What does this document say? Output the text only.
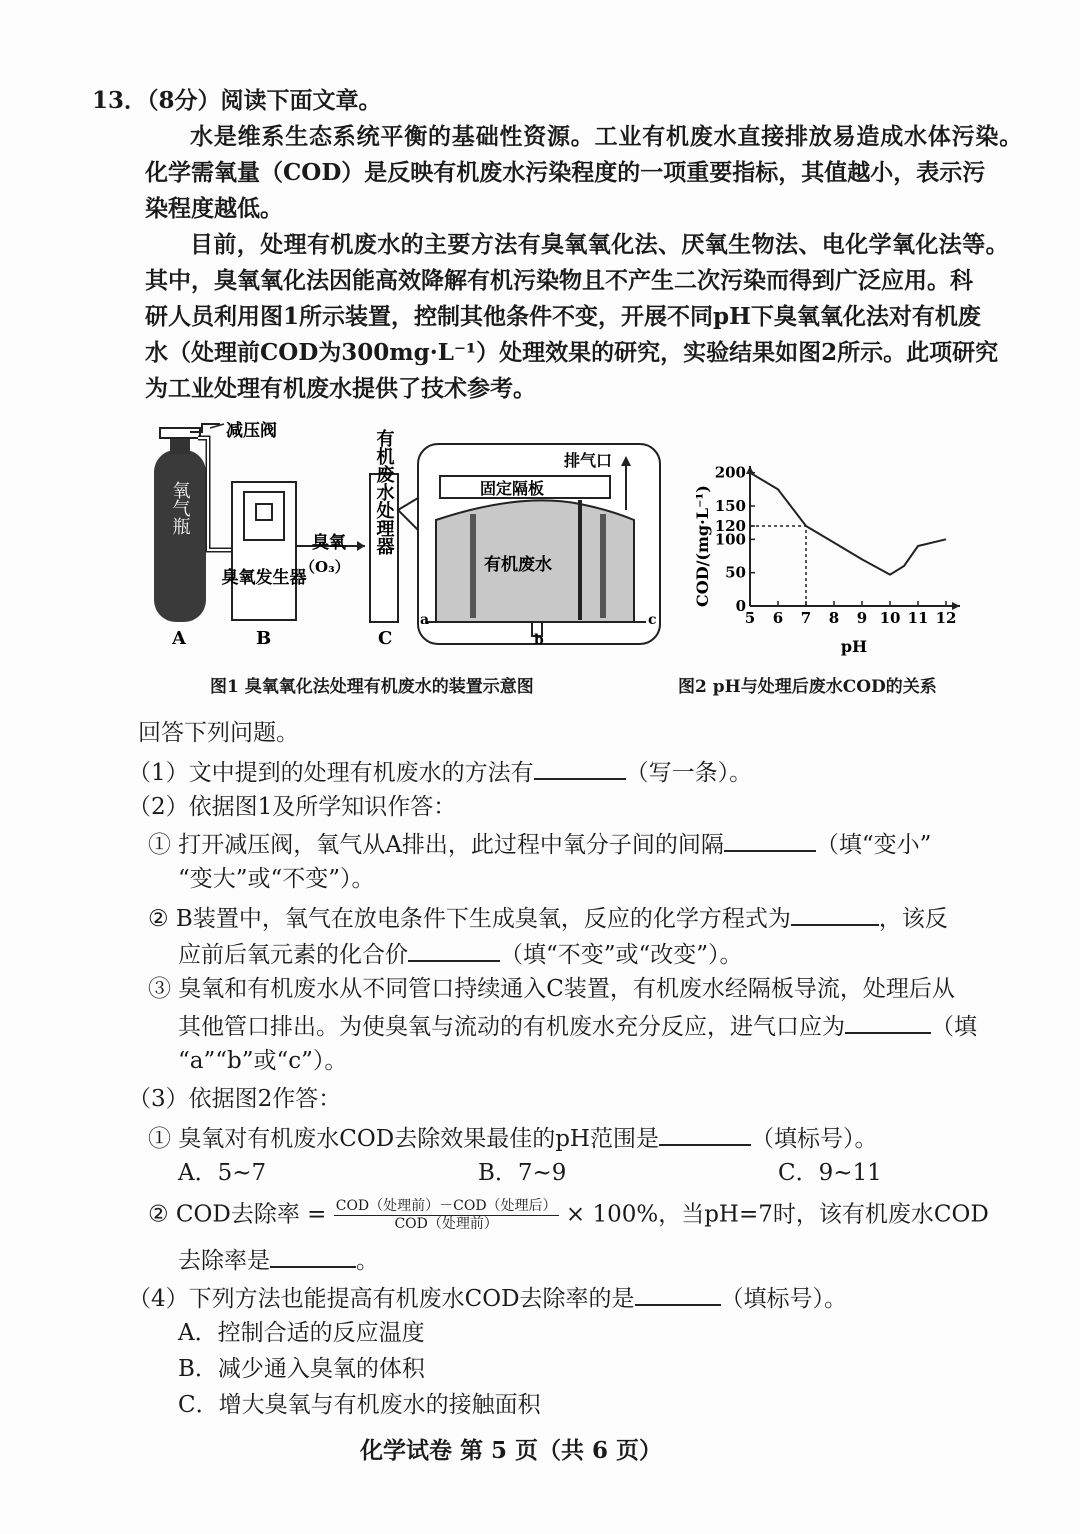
13．（8分）阅读下面文章。
水是维系生态系统平衡的基础性资源。工业有机废水直接排放易造成水体污染。
化学需氧量（COD）是反映有机废水污染程度的一项重要指标，其值越小，表示污
染程度越低。
目前，处理有机废水的主要方法有臭氧氧化法、厌氧生物法、电化学氧化法等。
其中，臭氧氧化法因能高效降解有机污染物且不产生二次污染而得到广泛应用。科
研人员利用图1所示装置，控制其他条件不变，开展不同pH下臭氧氧化法对有机废
水（处理前COD为300mg·L⁻¹）处理效果的研究，实验结果如图2所示。此项研究
为工业处理有机废水提供了技术参考。
氧气瓶
减压阀
臭氧发生器
臭氧
（O₃）
有机废水处理器	固定隔板
有机废水
排气口
a
b
c
A	B	C
COD/(mg·L⁻¹)
pH
5 6 7 8 9 10 11 12
0
50
100
120
150
200
图1 臭氧氧化法处理有机废水的装置示意图	图2 pH与处理后废水COD的关系
回答下列问题。
（1）文中提到的处理有机废水的方法有	（写一条）。
（2）依据图1及所学知识作答：
① 打开减压阀，氧气从A排出，此过程中氧分子间的间隔	（填“变小”
“变大”或“不变”）。
② B装置中，氧气在放电条件下生成臭氧，反应的化学方程式为	，该反
应前后氧元素的化合价	（填“不变”或“改变”）。
③ 臭氧和有机废水从不同管口持续通入C装置，有机废水经隔板导流，处理后从
其他管口排出。为使臭氧与流动的有机废水充分反应，进气口应为	（填
“a”“b”或“c”）。
（3）依据图2作答：
① 臭氧对有机废水COD去除效果最佳的pH范围是	（填标号）。
A．5~7	B．7~9	C．9~11
② COD去除率 = $\frac{\text{COD（处理前）－COD（处理后）}}{\text{COD（处理前）}} \times 100\%$，当pH=7时，该有机废水COD
去除率是	。
（4）下列方法也能提高有机废水COD去除率的是	（填标号）。
A．控制合适的反应温度
B．减少通入臭氧的体积
C．增大臭氧与有机废水的接触面积
化学试卷 第 5 页（共 6 页）
